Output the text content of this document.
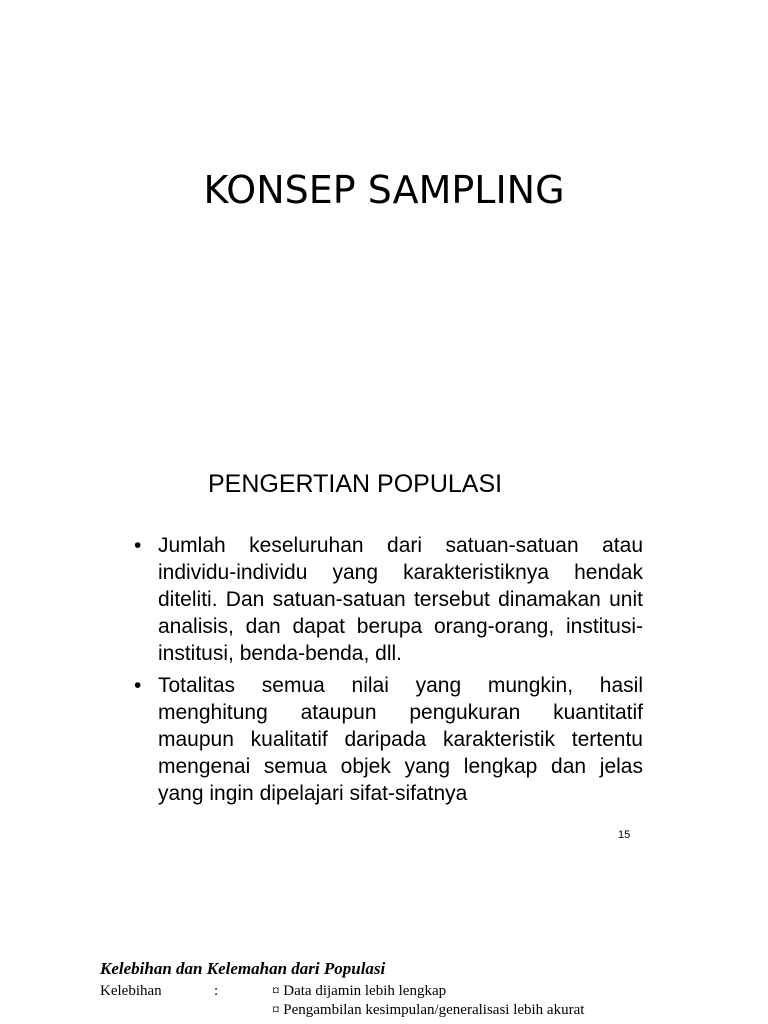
KONSEP SAMPLING
PENGERTIAN POPULASI
• Jumlah keseluruhan dari satuan-satuan atau individu-individu yang karakteristiknya hendak diteliti. Dan satuan-satuan tersebut dinamakan unit analisis, dan dapat berupa orang-orang, institusi-institusi, benda-benda, dll.
• Totalitas semua nilai yang mungkin, hasil menghitung ataupun pengukuran kuantitatif maupun kualitatif daripada karakteristik tertentu mengenai semua objek yang lengkap dan jelas yang ingin dipelajari sifat-sifatnya
15
Kelebihan dan Kelemahan dari Populasi
Kelebihan	:	¤ Data dijamin lebih lengkap
¤ Pengambilan kesimpulan/generalisasi lebih akurat
